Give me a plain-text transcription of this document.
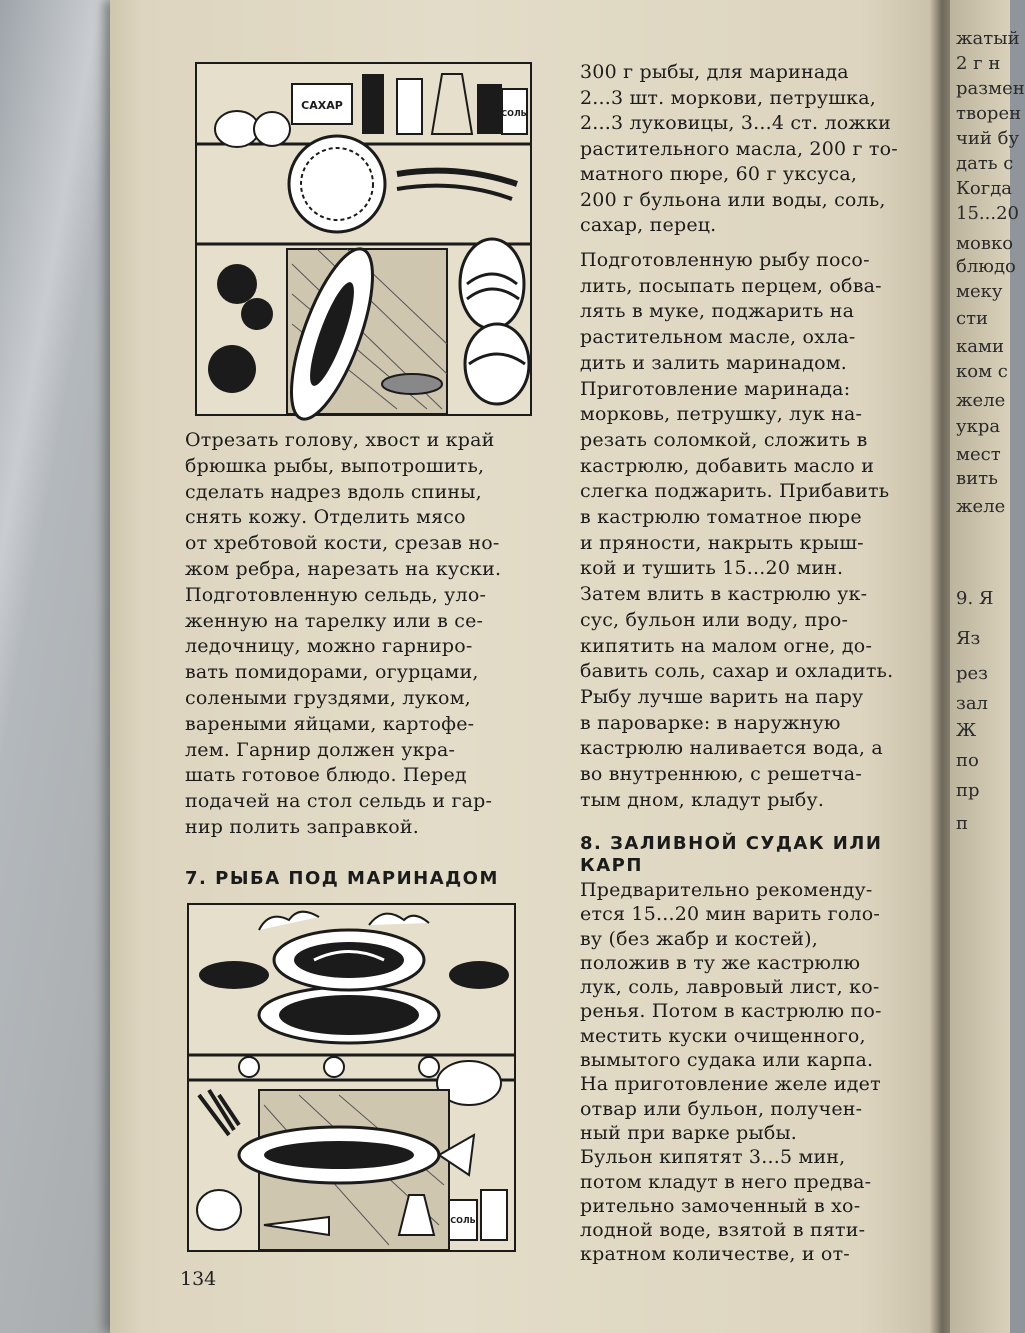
жатый
2 г н
размен
творен
чий бу
дать с
Когда
15...20
мовко
блюдо
меку
сти
ками
ком с
желе
укра
мест
вить
желе
9. Я
Яз
рез
зал
Ж
по
пр
п
САХАР
СОЛЬ

300 г рыбы, для маринада

2...3 шт. моркови, петрушка,

2...3 луковицы, 3...4 ст. ложки

растительного масла, 200 г то-

матного пюре, 60 г уксуса,

200 г бульона или воды, соль,

сахар, перец.

Подготовленную рыбу посо-

лить, посыпать перцем, обва-

лять в муке, поджарить на

растительном масле, охла-

дить и залить маринадом.

Приготовление маринада:

морковь, петрушку, лук на-

резать соломкой, сложить в

кастрюлю, добавить масло и

слегка поджарить. Прибавить

в кастрюлю томатное пюре

и пряности, накрыть крыш-

кой и тушить 15...20 мин.

Затем влить в кастрюлю ук-

сус, бульон или воду, про-

кипятить на малом огне, до-

бавить соль, сахар и охладить.

Рыбу лучше варить на пару

в пароварке: в наружную

кастрюлю наливается вода, а

во внутреннюю, с решетча-

тым дном, кладут рыбу.

Отрезать голову, хвост и край

брюшка рыбы, выпотрошить,

сделать надрез вдоль спины,

снять кожу. Отделить мясо

от хребтовой кости, срезав но-

жом ребра, нарезать на куски.

Подготовленную сельдь, уло-

женную на тарелку или в се-

ледочницу, можно гарниро-

вать помидорами, огурцами,

солеными груздями, луком,

вареными яйцами, картофе-

лем. Гарнир должен укра-

шать готовое блюдо. Перед

подачей на стол сельдь и гар-

нир полить заправкой.

7. РЫБА ПОД МАРИНАДОМ
8. ЗАЛИВНОЙ СУДАК ИЛИ
КАРП
СОЛЬ

Предварительно рекоменду-

ется 15...20 мин варить голо-

ву (без жабр и костей),

положив в ту же кастрюлю

лук, соль, лавровый лист, ко-

ренья. Потом в кастрюлю по-

местить куски очищенного,

вымытого судака или карпа.

На приготовление желе идет

отвар или бульон, получен-

ный при варке рыбы.

Бульон кипятят 3...5 мин,

потом кладут в него предва-

рительно замоченный в хо-

лодной воде, взятой в пяти-

кратном количестве, и от-

134
